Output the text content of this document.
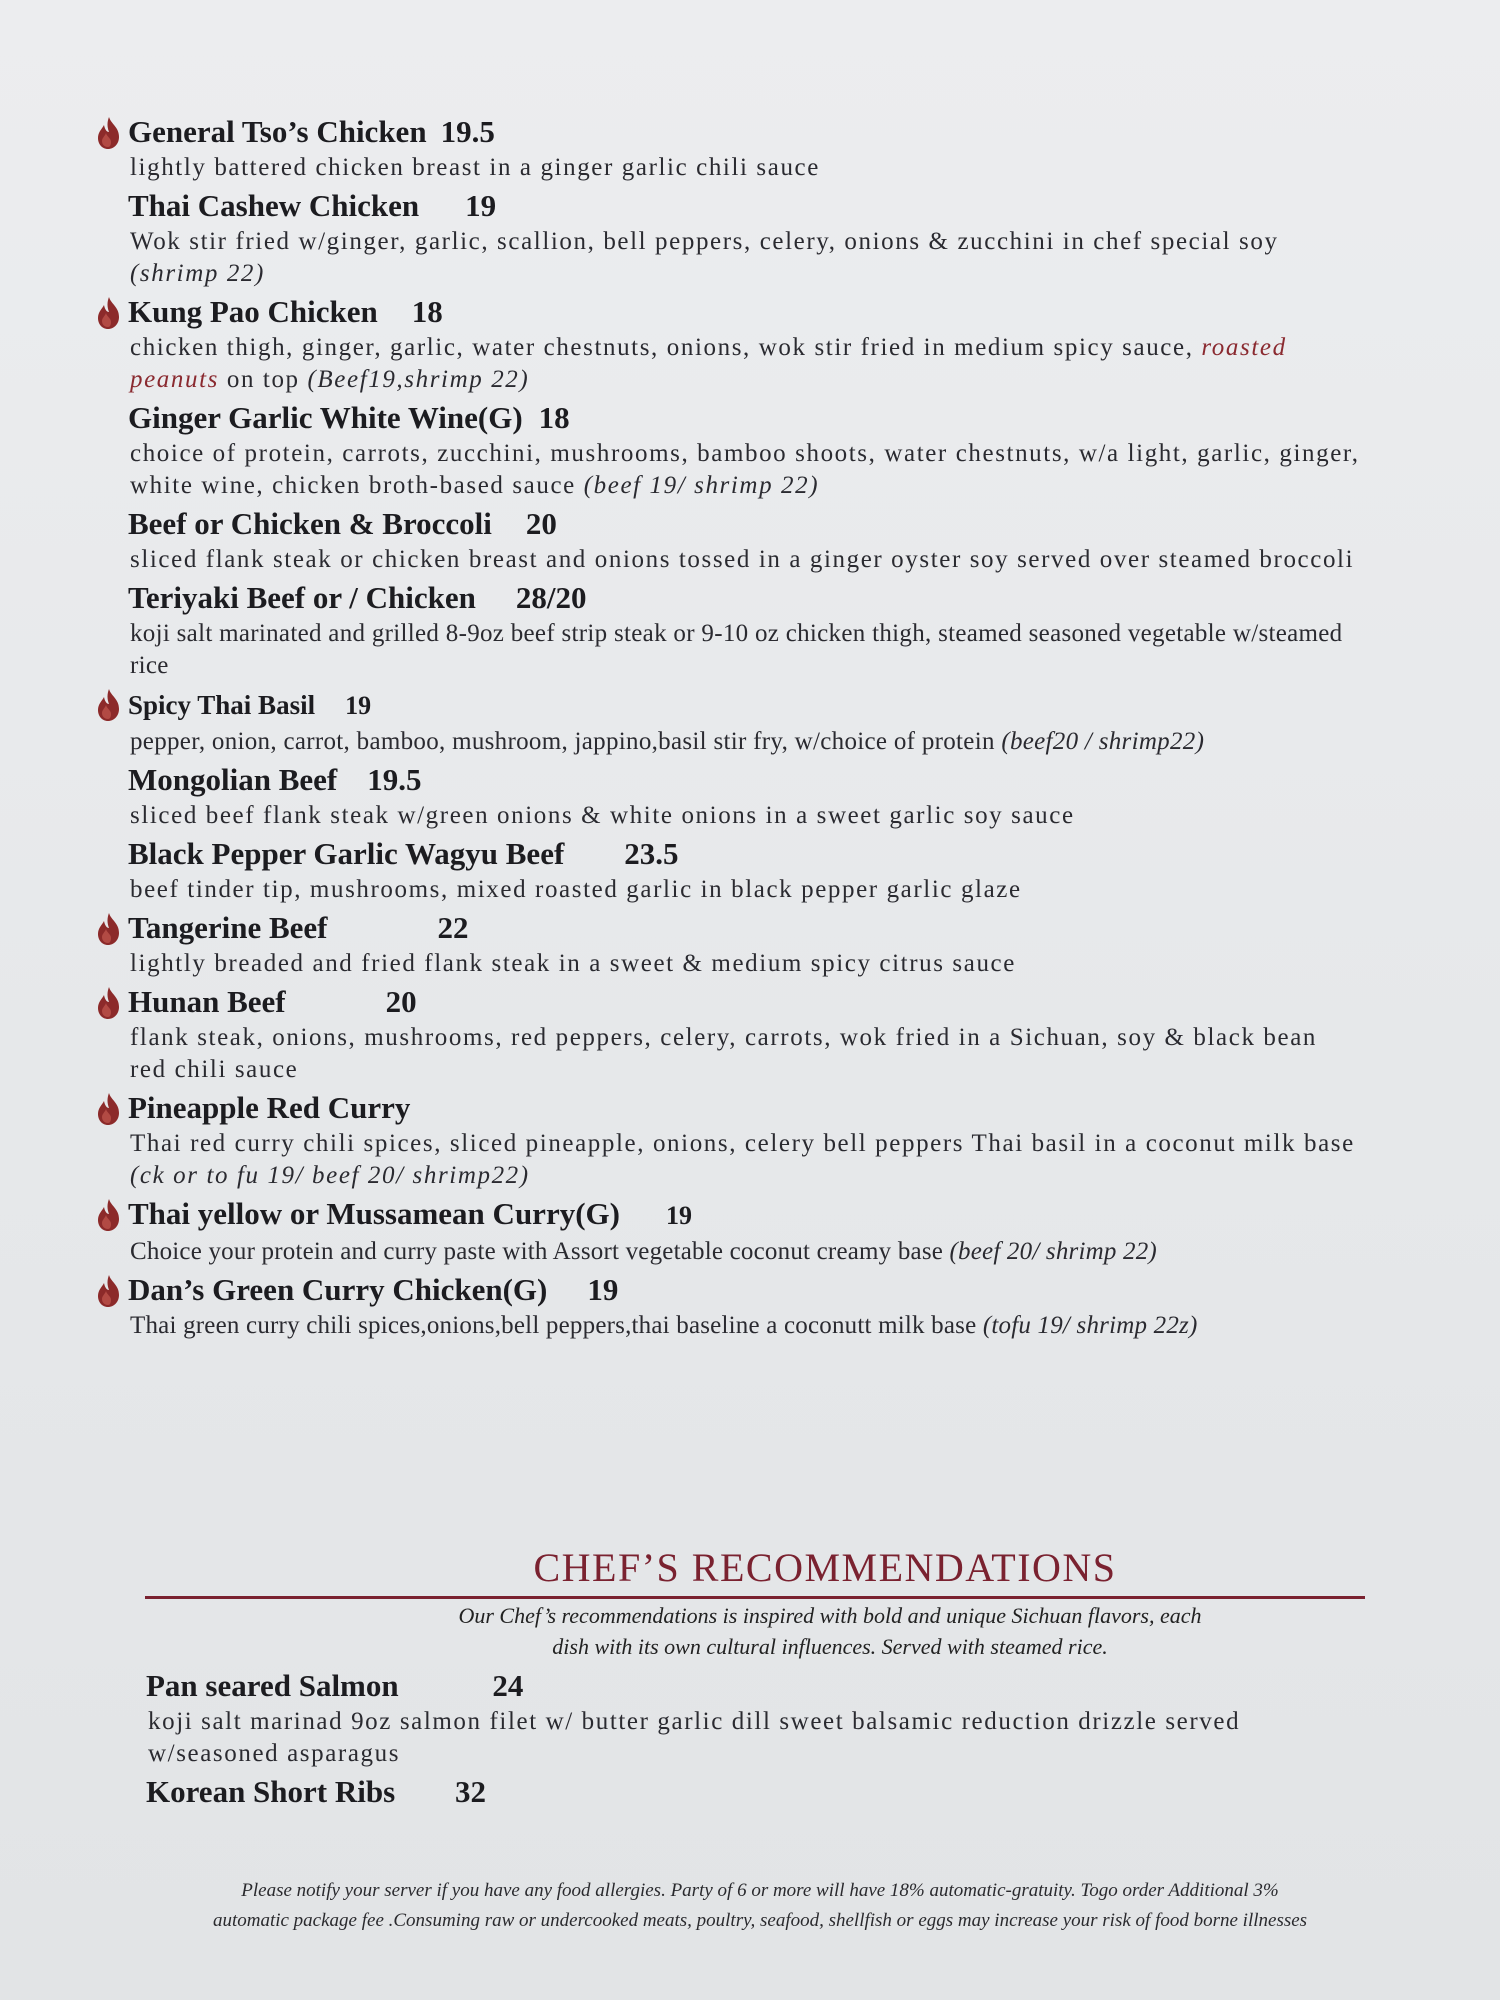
General Tso’s Chicken 19.5
lightly battered chicken breast in a ginger garlic chili sauce
Thai Cashew Chicken 19
Wok stir fried w/ginger, garlic, scallion, bell peppers, celery, onions & zucchini in chef special soy (shrimp 22)
Kung Pao Chicken 18
chicken thigh, ginger, garlic, water chestnuts, onions, wok stir fried in medium spicy sauce, roasted peanuts on top (Beef19,shrimp 22)
Ginger Garlic White Wine(G) 18
choice of protein, carrots, zucchini, mushrooms, bamboo shoots, water chestnuts, w/a light, garlic, ginger, white wine, chicken broth-based sauce (beef 19/ shrimp 22)
Beef or Chicken & Broccoli 20
sliced flank steak or chicken breast and onions tossed in a ginger oyster soy served over steamed broccoli
Teriyaki Beef or / Chicken 28/20
koji salt marinated and grilled 8-9oz beef strip steak or 9-10 oz chicken thigh, steamed seasoned vegetable w/steamed rice
Spicy Thai Basil 19
pepper, onion, carrot, bamboo, mushroom, jappino,basil stir fry, w/choice of protein (beef20 / shrimp22)
Mongolian Beef 19.5
sliced beef flank steak w/green onions & white onions in a sweet garlic soy sauce
Black Pepper Garlic Wagyu Beef 23.5
beef tinder tip, mushrooms, mixed roasted garlic in black pepper garlic glaze
Tangerine Beef	22
lightly breaded and fried flank steak in a sweet & medium spicy citrus sauce
Hunan Beef	20
flank steak, onions, mushrooms, red peppers, celery, carrots, wok fried in a Sichuan, soy & black bean red chili sauce
Pineapple Red Curry
Thai red curry chili spices, sliced pineapple, onions, celery bell peppers Thai basil in a coconut milk base (ck or to fu 19/ beef 20/ shrimp22)
Thai yellow or Mussamean Curry(G) 19
Choice your protein and curry paste with Assort vegetable coconut creamy base (beef 20/ shrimp 22)
Dan’s Green Curry Chicken(G) 19
Thai green curry chili spices,onions,bell peppers,thai baseline a coconutt milk base (tofu 19/ shrimp 22z)
CHEF’S RECOMMENDATIONS
Our Chef’s recommendations is inspired with bold and unique Sichuan flavors, each
dish with its own cultural influences. Served with steamed rice.
Pan seared Salmon	24
koji salt marinad 9oz salmon filet w/ butter garlic dill sweet balsamic reduction drizzle served w/seasoned asparagus
Korean Short Ribs 32
Please notify your server if you have any food allergies. Party of 6 or more will have 18% automatic-gratuity. Togo order Additional 3%
automatic package fee .Consuming raw or undercooked meats, poultry, seafood, shellfish or eggs may increase your risk of food borne illnesses
